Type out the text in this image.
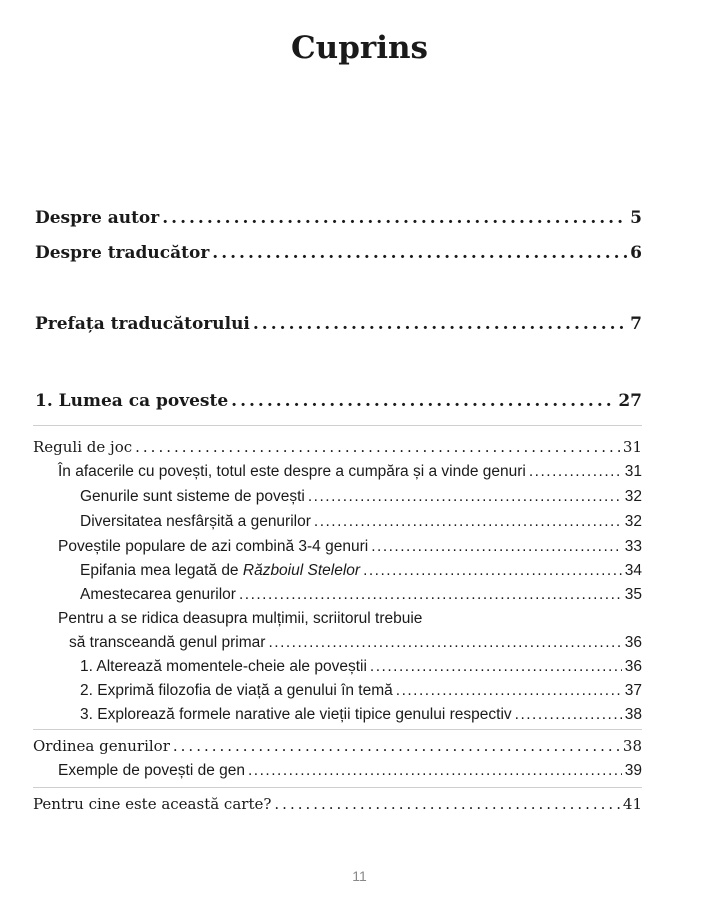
Cuprins
Despre autor .....	5
Despre traducător .....	6
Prefața traducătorului .....	7
1. Lumea ca poveste .....	27
Reguli de joc .....	31
În afacerile cu povești, totul este despre a cumpăra și a vinde genuri .....	31
Genurile sunt sisteme de povești .....	32
Diversitatea nesfârșită a genurilor .....	32
Poveștile populare de azi combină 3-4 genuri .....	33
Epifania mea legată de Războiul Stelelor .....	34
Amestecarea genurilor .....	35
Pentru a se ridica deasupra mulțimii, scriitorul trebuie
să transceandă genul primar .....	36
1. Alterează momentele-cheie ale poveștii .....	36
2. Exprimă filozofia de viață a genului în temă .....	37
3. Explorează formele narative ale vieții tipice genului respectiv .....	38
Ordinea genurilor .....	38
Exemple de povești de gen .....	39
Pentru cine este această carte? .....	41
11
